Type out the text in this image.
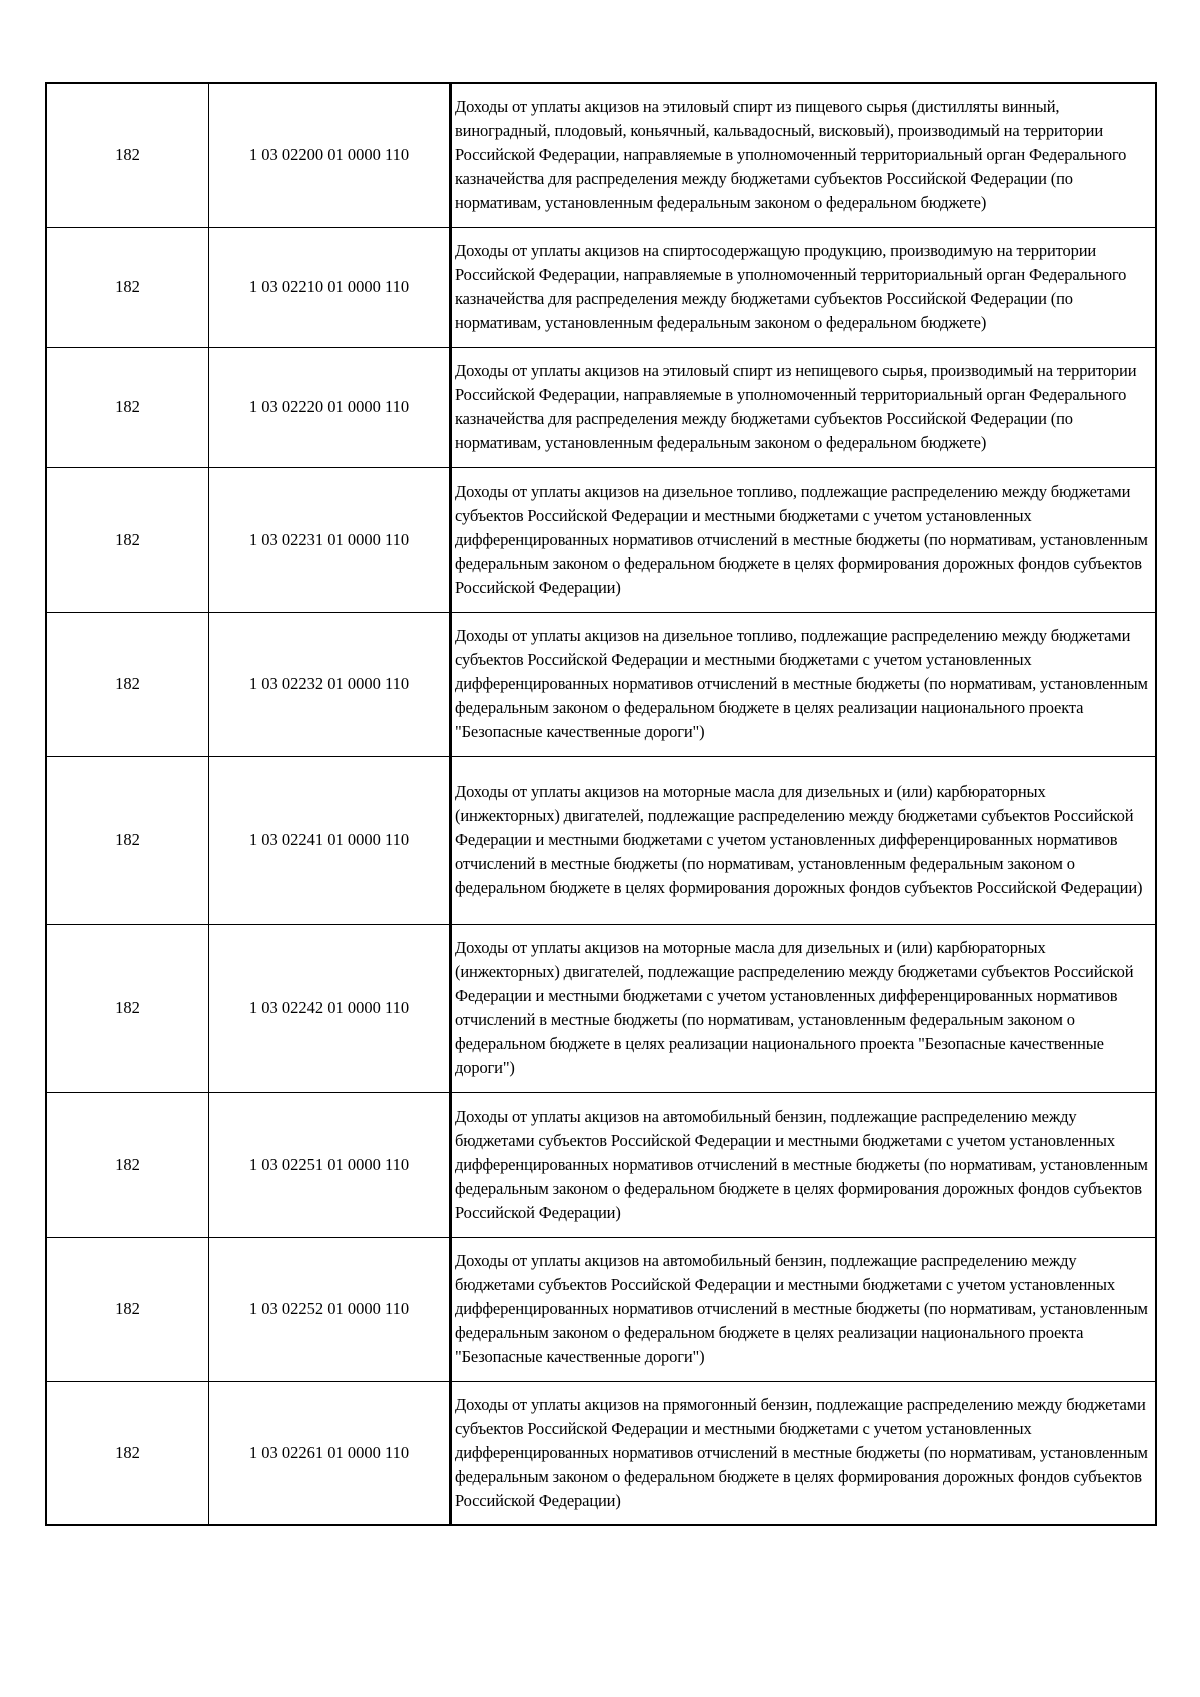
182	1 03 02200 01 0000 110	Доходы от уплаты акцизов на этиловый спирт из пищевого сырья (дистилляты винный, виноградный, плодовый, коньячный, кальвадосный, висковый), производимый на территории Российской Федерации, направляемые в уполномоченный территориальный орган Федерального казначейства для распределения между бюджетами субъектов Российской Федерации (по нормативам, установленным федеральным законом о федеральном бюджете)

182	1 03 02210 01 0000 110	Доходы от уплаты акцизов на спиртосодержащую продукцию, производимую на территории Российской Федерации, направляемые в уполномоченный территориальный орган Федерального казначейства для распределения между бюджетами субъектов Российской Федерации (по нормативам, установленным федеральным законом о федеральном бюджете)

182	1 03 02220 01 0000 110	Доходы от уплаты акцизов на этиловый спирт из непищевого сырья, производимый на территории Российской Федерации, направляемые в уполномоченный территориальный орган Федерального казначейства для распределения между бюджетами субъектов Российской Федерации (по нормативам, установленным федеральным законом о федеральном бюджете)

182	1 03 02231 01 0000 110	Доходы от уплаты акцизов на дизельное топливо, подлежащие распределению между бюджетами субъектов Российской Федерации и местными бюджетами с учетом установленных дифференцированных нормативов отчислений в местные бюджеты (по нормативам, установленным федеральным законом о федеральном бюджете в целях формирования дорожных фондов субъектов Российской Федерации)

182	1 03 02232 01 0000 110	Доходы от уплаты акцизов на дизельное топливо, подлежащие распределению между бюджетами субъектов Российской Федерации и местными бюджетами с учетом установленных дифференцированных нормативов отчислений в местные бюджеты (по нормативам, установленным федеральным законом о федеральном бюджете в целях реализации национального проекта "Безопасные качественные дороги")

182	1 03 02241 01 0000 110	Доходы от уплаты акцизов на моторные масла для дизельных и (или) карбюраторных (инжекторных) двигателей, подлежащие распределению между бюджетами субъектов Российской Федерации и местными бюджетами с учетом установленных дифференцированных нормативов отчислений в местные бюджеты (по нормативам, установленным федеральным законом о федеральном бюджете в целях формирования дорожных фондов субъектов Российской Федерации)

182	1 03 02242 01 0000 110	Доходы от уплаты акцизов на моторные масла для дизельных и (или) карбюраторных (инжекторных) двигателей, подлежащие распределению между бюджетами субъектов Российской Федерации и местными бюджетами с учетом установленных дифференцированных нормативов отчислений в местные бюджеты (по нормативам, установленным федеральным законом о федеральном бюджете в целях реализации национального проекта "Безопасные качественные дороги")

182	1 03 02251 01 0000 110	Доходы от уплаты акцизов на автомобильный бензин, подлежащие распределению между бюджетами субъектов Российской Федерации и местными бюджетами с учетом установленных дифференцированных нормативов отчислений в местные бюджеты (по нормативам, установленным федеральным законом о федеральном бюджете в целях формирования дорожных фондов субъектов Российской Федерации)

182	1 03 02252 01 0000 110	Доходы от уплаты акцизов на автомобильный бензин, подлежащие распределению между бюджетами субъектов Российской Федерации и местными бюджетами с учетом установленных дифференцированных нормативов отчислений в местные бюджеты (по нормативам, установленным федеральным законом о федеральном бюджете в целях реализации национального проекта "Безопасные качественные дороги")

182	1 03 02261 01 0000 110	Доходы от уплаты акцизов на прямогонный бензин, подлежащие распределению между бюджетами субъектов Российской Федерации и местными бюджетами с учетом установленных дифференцированных нормативов отчислений в местные бюджеты (по нормативам, установленным федеральным законом о федеральном бюджете в целях формирования дорожных фондов субъектов Российской Федерации)
